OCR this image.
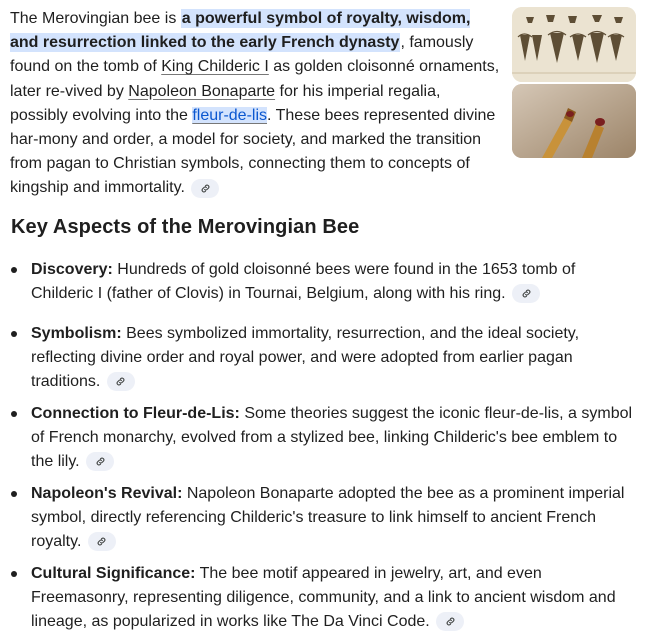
The Merovingian bee is a powerful symbol of royalty, wisdom, and resurrection linked to the early French dynasty, famously found on the tomb of King Childeric I as golden cloisonné ornaments, later re-vived by Napoleon Bonaparte for his imperial regalia, possibly evolving into the fleur-de-lis. These bees represented divine har-mony and order, a model for society, and marked the transition from pagan to Christian symbols, connecting them to concepts of kingship and immortality.
Key Aspects of the Merovingian Bee
Discovery: Hundreds of gold cloisonné bees were found in the 1653 tomb of Childeric I (father of Clovis) in Tournai, Belgium, along with his ring.
Symbolism: Bees symbolized immortality, resurrection, and the ideal society, reflecting divine order and royal power, and were adopted from earlier pagan traditions.
Connection to Fleur-de-Lis: Some theories suggest the iconic fleur-de-lis, a symbol of French monarchy, evolved from a stylized bee, linking Childeric's bee emblem to the lily.
Napoleon's Revival: Napoleon Bonaparte adopted the bee as a prominent imperial symbol, directly referencing Childeric's treasure to link himself to ancient French royalty.
Cultural Significance: The bee motif appeared in jewelry, art, and even Freemasonry, representing diligence, community, and a link to ancient wisdom and lineage, as popularized in works like The Da Vinci Code.
